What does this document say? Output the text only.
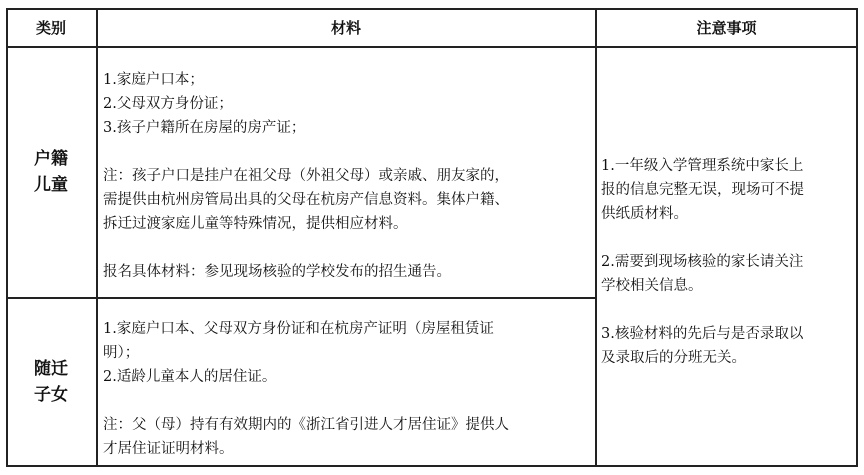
类别	材料	注意事项
户籍
儿童

1.家庭户口本；

2.父母双方身份证；

3.孩子户籍所在房屋的房产证；

注：孩子户口是挂户在祖父母（外祖父母）或亲戚、朋友家的，

需提供由杭州房管局出具的父母在杭房产信息资料。集体户籍、

拆迁过渡家庭儿童等特殊情况，提供相应材料。

报名具体材料：参见现场核验的学校发布的招生通告。

随迁
子女

1.家庭户口本、父母双方身份证和在杭房产证明（房屋租赁证

明）；

2.适龄儿童本人的居住证。

注：父（母）持有有效期内的《浙江省引进人才居住证》提供人

才居住证证明材料。

1.一年级入学管理系统中家长上

报的信息完整无误，现场可不提

供纸质材料。

2.需要到现场核验的家长请关注

学校相关信息。

3.核验材料的先后与是否录取以

及录取后的分班无关。
